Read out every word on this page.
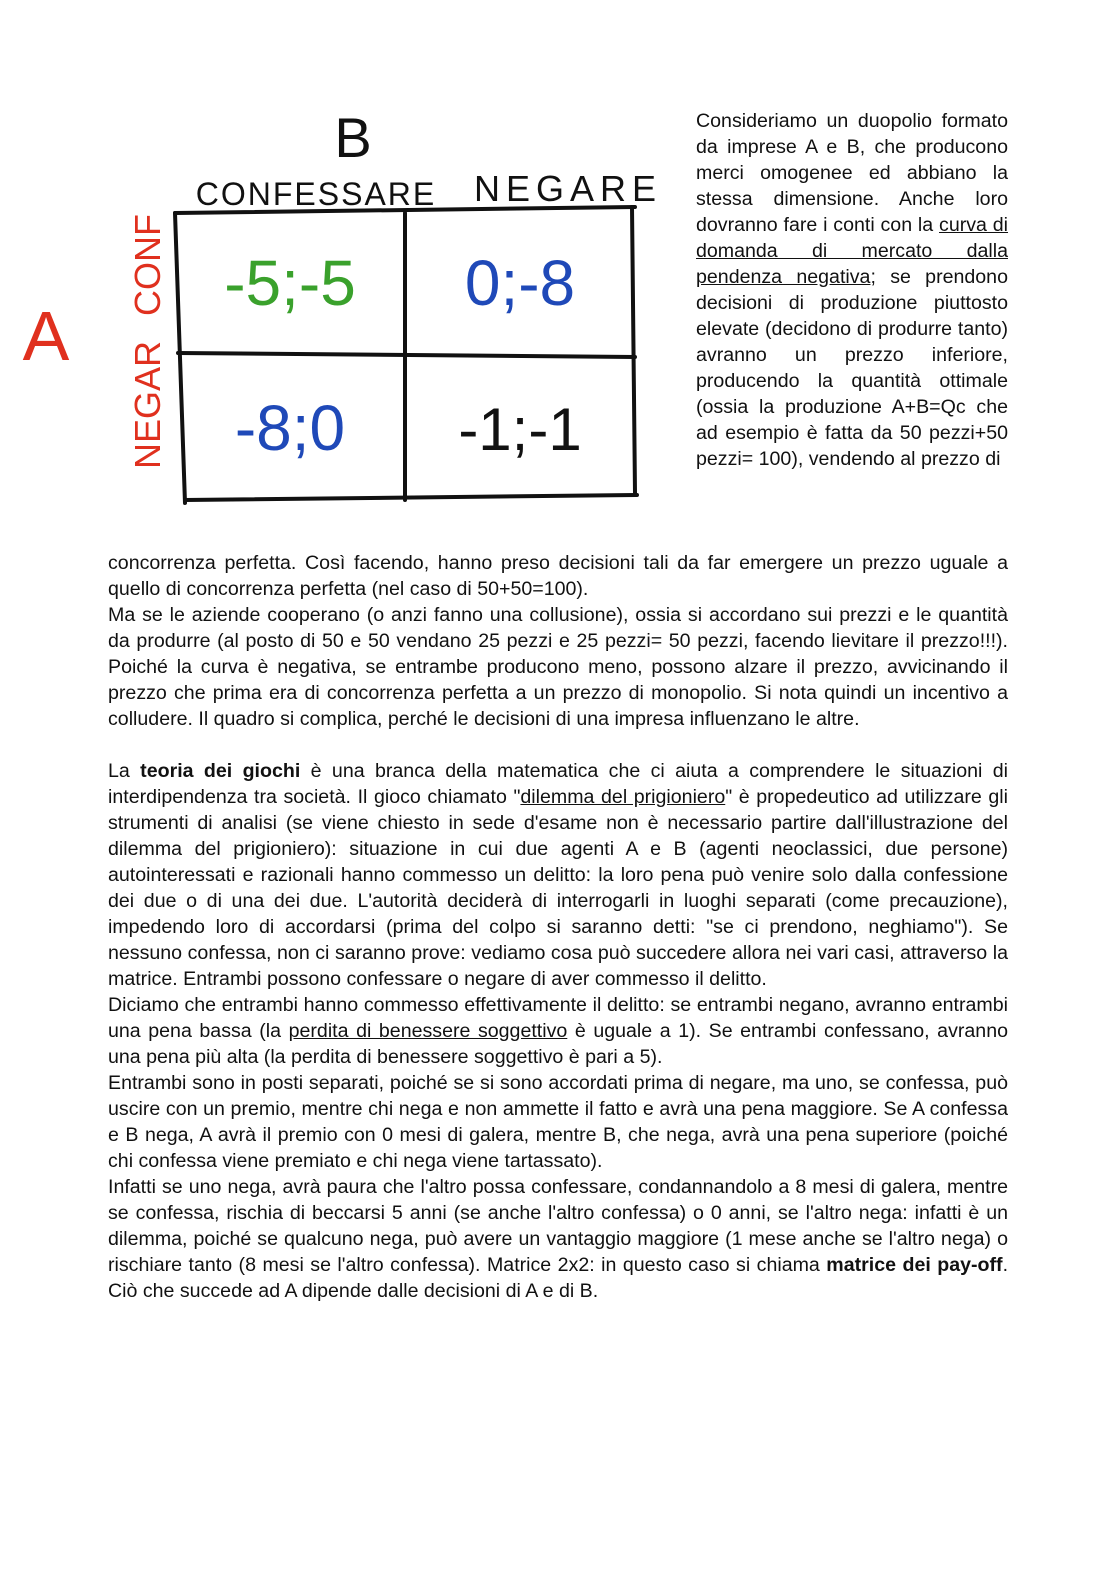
B
A
CONFESSARE NEGARE
CONF
NEGAR
-5;-5 0;-8
-8;0 -1;-1

Consideriamo un duopolio formato da imprese A e B, che producono merci omogenee ed abbiano la stessa dimensione. Anche loro dovranno fare i conti con la curva di domanda di mercato dalla pendenza negativa; se prendono decisioni di produzione piuttosto elevate (decidono di produrre tanto) avranno un prezzo inferiore, producendo la quantità ottimale (ossia la produzione A+B=Qc che ad esempio è fatta da 50 pezzi+50 pezzi= 100), vendendo al prezzo di

concorrenza perfetta. Così facendo, hanno preso decisioni tali da far emergere un prezzo uguale a quello di concorrenza perfetta (nel caso di 50+50=100).

Ma se le aziende cooperano (o anzi fanno una collusione), ossia si accordano sui prezzi e le quantità da produrre (al posto di 50 e 50 vendano 25 pezzi e 25 pezzi= 50 pezzi, facendo lievitare il prezzo!!!). Poiché la curva è negativa, se entrambe producono meno, possono alzare il prezzo, avvicinando il prezzo che prima era di concorrenza perfetta a un prezzo di monopolio. Si nota quindi un incentivo a colludere. Il quadro si complica, perché le decisioni di una impresa influenzano le altre.

La teoria dei giochi è una branca della matematica che ci aiuta a comprendere le situazioni di interdipendenza tra società. Il gioco chiamato "dilemma del prigioniero" è propedeutico ad utilizzare gli strumenti di analisi (se viene chiesto in sede d'esame non è necessario partire dall'illustrazione del dilemma del prigioniero): situazione in cui due agenti A e B (agenti neoclassici, due persone) autointeressati e razionali hanno commesso un delitto: la loro pena può venire solo dalla confessione dei due o di una dei due. L'autorità deciderà di interrogarli in luoghi separati (come precauzione), impedendo loro di accordarsi (prima del colpo si saranno detti: "se ci prendono, neghiamo"). Se nessuno confessa, non ci saranno prove: vediamo cosa può succedere allora nei vari casi, attraverso la matrice. Entrambi possono confessare o negare di aver commesso il delitto.

Diciamo che entrambi hanno commesso effettivamente il delitto: se entrambi negano, avranno entrambi una pena bassa (la perdita di benessere soggettivo è uguale a 1). Se entrambi confessano, avranno una pena più alta (la perdita di benessere soggettivo è pari a 5).

Entrambi sono in posti separati, poiché se si sono accordati prima di negare, ma uno, se confessa, può uscire con un premio, mentre chi nega e non ammette il fatto e avrà una pena maggiore. Se A confessa e B nega, A avrà il premio con 0 mesi di galera, mentre B, che nega, avrà una pena superiore (poiché chi confessa viene premiato e chi nega viene tartassato).

Infatti se uno nega, avrà paura che l'altro possa confessare, condannandolo a 8 mesi di galera, mentre se confessa, rischia di beccarsi 5 anni (se anche l'altro confessa) o 0 anni, se l'altro nega: infatti è un dilemma, poiché se qualcuno nega, può avere un vantaggio maggiore (1 mese anche se l'altro nega) o rischiare tanto (8 mesi se l'altro confessa). Matrice 2x2: in questo caso si chiama matrice dei pay-off. Ciò che succede ad A dipende dalle decisioni di A e di B.
